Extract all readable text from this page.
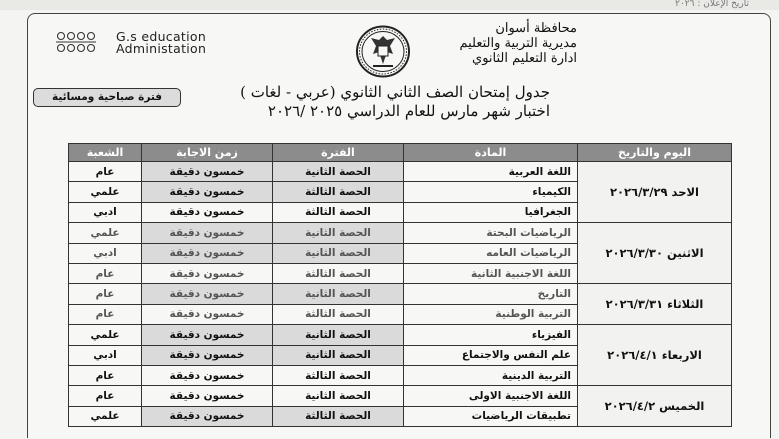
تاريخ الإعلان : ٢٠٢٦
G.s education
Administation
محافظة أسوان
مديرية التربية والتعليم
ادارة التعليم الثانوي
فترة صباحية ومسائية	جدول إمتحان الصف الثاني الثانوي (عربي - لغات )
اختبار شهر مارس للعام الدراسي ٢٠٢٥ /٢٠٢٦
اليوم والتاريخ	المادة	الفترة	زمن الاجابة	الشعبة
الاحد ٢٠٢٦/٣/٢٩	اللغة العربية	الحصة الثانية	خمسون دقيقة	عام
	الكيمياء	الحصة الثالثة	خمسون دقيقة	علمي
	الجغرافيا	الحصة الثالثة	خمسون دقيقة	ادبي
الاثنين ٢٠٢٦/٣/٣٠	الرياضيات البحتة	الحصة الثانية	خمسون دقيقة	علمي
	الرياضيات العامه	الحصة الثانية	خمسون دقيقة	ادبي
	اللغة الاجنبية الثانية	الحصة الثالثة	خمسون دقيقة	عام
الثلاثاء ٢٠٢٦/٣/٣١	التاريخ	الحصة الثانية	خمسون دقيقة	عام
	التربية الوطنية	الحصة الثالثة	خمسون دقيقة	عام
الاربعاء ٢٠٢٦/٤/١	الفيزياء	الحصة الثانية	خمسون دقيقة	علمي
	علم النفس والاجتماع	الحصة الثانية	خمسون دقيقة	ادبي
	التربية الدينية	الحصة الثالثة	خمسون دقيقة	عام
الخميس ٢٠٢٦/٤/٢	اللغة الاجنبية الاولى	الحصة الثانية	خمسون دقيقة	عام
	تطبيقات الرياضيات	الحصة الثالثة	خمسون دقيقة	علمي
